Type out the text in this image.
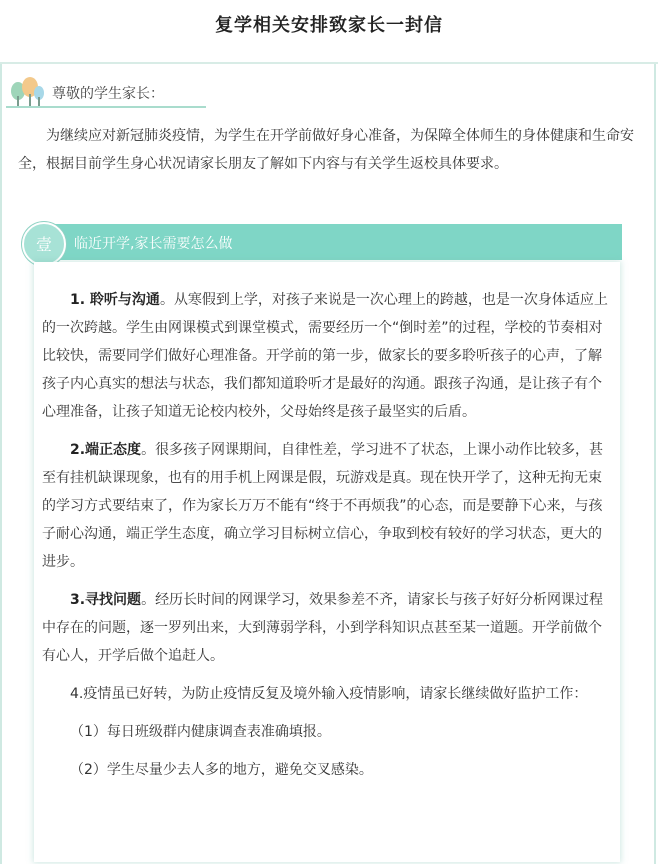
复学相关安排致家长一封信
尊敬的学生家长：

为继续应对新冠肺炎疫情，为学生在开学前做好身心准备，为保障全体师生的身体健康和生命安全，根据目前学生身心状况请家长朋友了解如下内容与有关学生返校具体要求。

临近开学,家长需要怎么做
壹

1. 聆听与沟通。从寒假到上学，对孩子来说是一次心理上的跨越，也是一次身体适应上的一次跨越。学生由网课模式到课堂模式，需要经历一个“倒时差”的过程，学校的节奏相对比较快，需要同学们做好心理准备。开学前的第一步，做家长的要多聆听孩子的心声，了解孩子内心真实的想法与状态，我们都知道聆听才是最好的沟通。跟孩子沟通，是让孩子有个心理准备，让孩子知道无论校内校外，父母始终是孩子最坚实的后盾。

2.端正态度。很多孩子网课期间，自律性差，学习进不了状态，上课小动作比较多，甚至有挂机缺课现象，也有的用手机上网课是假，玩游戏是真。现在快开学了，这种无拘无束的学习方式要结束了，作为家长万万不能有“终于不再烦我”的心态，而是要静下心来，与孩子耐心沟通，端正学生态度，确立学习目标树立信心，争取到校有较好的学习状态，更大的进步。

3.寻找问题。经历长时间的网课学习，效果参差不齐，请家长与孩子好好分析网课过程中存在的问题，逐一罗列出来，大到薄弱学科，小到学科知识点甚至某一道题。开学前做个有心人，开学后做个追赶人。

4.疫情虽已好转，为防止疫情反复及境外输入疫情影响，请家长继续做好监护工作：

（1）每日班级群内健康调查表准确填报。

（2）学生尽量少去人多的地方，避免交叉感染。
